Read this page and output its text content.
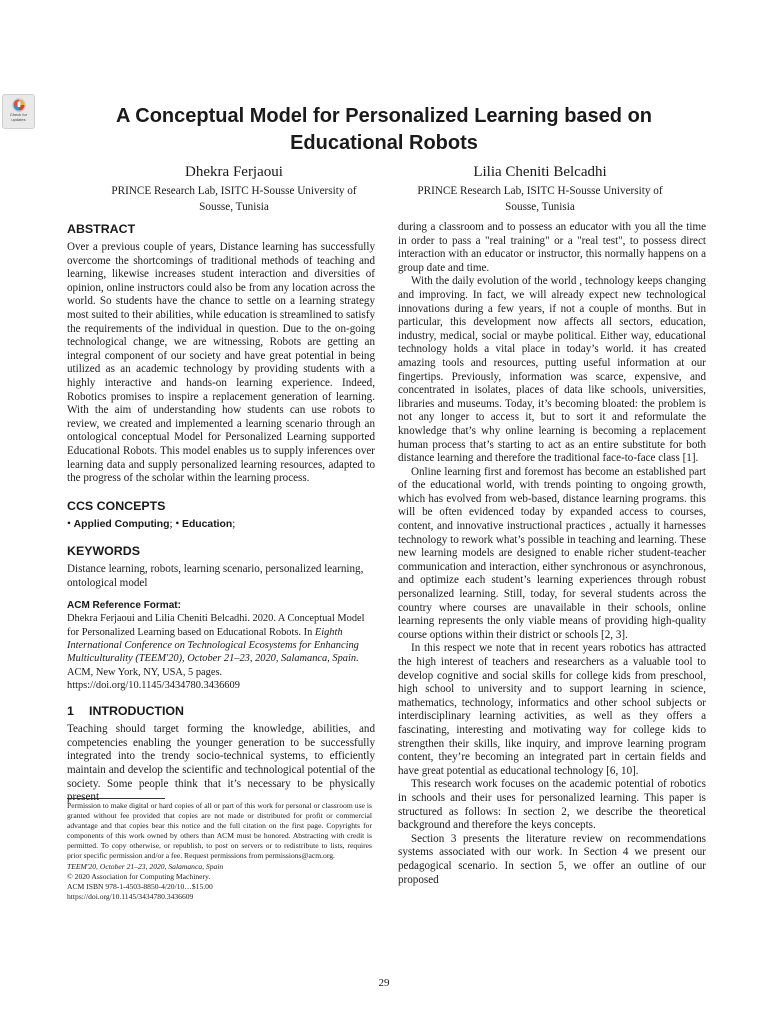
Check for
updates	A Conceptual Model for Personalized Learning based on
Educational Robots
Dhekra Ferjaoui
PRINCE Research Lab, ISITC H-Sousse University of
Sousse, Tunisia
Lilia Cheniti Belcadhi
PRINCE Research Lab, ISITC H-Sousse University of
Sousse, Tunisia
ABSTRACT

Over a previous couple of years, Distance learning has successfully overcome the shortcomings of traditional methods of teaching and learning, likewise increases student interaction and diversities of opinion, online instructors could also be from any location across the world. So students have the chance to settle on a learning strategy most suited to their abilities, while education is streamlined to satisfy the requirements of the individual in question. Due to the on-going technological change, we are witnessing, Robots are getting an integral component of our society and have great potential in being utilized as an academic technology by providing students with a highly interactive and hands-on learning experience. Indeed, Robotics promises to inspire a replacement generation of learning. With the aim of understanding how students can use robots to review, we created and implemented a learning scenario through an ontological conceptual Model for Personalized Learning supported Educational Robots. This model enables us to supply inferences over learning data and supply personalized learning resources, adapted to the progress of the scholar within the learning process.

CCS CONCEPTS

• Applied Computing; • Education;

KEYWORDS

Distance learning, robots, learning scenario, personalized learning, ontological model

ACM Reference Format:

Dhekra Ferjaoui and Lilia Cheniti Belcadhi. 2020. A Conceptual Model for Personalized Learning based on Educational Robots. In Eighth International Conference on Technological Ecosystems for Enhancing Multiculturality (TEEM'20), October 21–23, 2020, Salamanca, Spain. ACM, New York, NY, USA, 5 pages. https://doi.org/10.1145/3434780.3436609

1 INTRODUCTION

Teaching should target forming the knowledge, abilities, and competencies enabling the younger generation to be successfully integrated into the trendy socio-technical systems, to efficiently maintain and develop the scientific and technological potential of the society. Some people think that it’s necessary to be physically present

Permission to make digital or hard copies of all or part of this work for personal or classroom use is granted without fee provided that copies are not made or distributed for profit or commercial advantage and that copies bear this notice and the full citation on the first page. Copyrights for components of this work owned by others than ACM must be honored. Abstracting with credit is permitted. To copy otherwise, or republish, to post on servers or to redistribute to lists, requires prior specific permission and/or a fee. Request permissions from permissions@acm.org.

TEEM'20, October 21–23, 2020, Salamanca, Spain

© 2020 Association for Computing Machinery.

ACM ISBN 978-1-4503-8850-4/20/10…$15.00

https://doi.org/10.1145/3434780.3436609

during a classroom and to possess an educator with you all the time in order to pass a "real training" or a "real test", to possess direct interaction with an educator or instructor, this normally happens on a group date and time.

With the daily evolution of the world , technology keeps changing and improving. In fact, we will already expect new technological innovations during a few years, if not a couple of months. But in particular, this development now affects all sectors, education, industry, medical, social or maybe political. Either way, educational technology holds a vital place in today’s world. it has created amazing tools and resources, putting useful information at our fingertips. Previously, information was scarce, expensive, and concentrated in isolates, places of data like schools, universities, libraries and museums. Today, it’s becoming bloated: the problem is not any longer to access it, but to sort it and reformulate the knowledge that’s why online learning is becoming a replacement human process that’s starting to act as an entire substitute for both distance learning and therefore the traditional face-to-face class [1].

Online learning first and foremost has become an established part of the educational world, with trends pointing to ongoing growth, which has evolved from web-based, distance learning programs. this will be often evidenced today by expanded access to courses, content, and innovative instructional practices , actually it harnesses technology to rework what’s possible in teaching and learning. These new learning models are designed to enable richer student-teacher communication and interaction, either synchronous or asynchronous, and optimize each student’s learning experiences through robust personalized learning. Still, today, for several students across the country where courses are unavailable in their schools, online learning represents the only viable means of providing high-quality course options within their district or schools [2, 3].

In this respect we note that in recent years robotics has attracted the high interest of teachers and researchers as a valuable tool to develop cognitive and social skills for college kids from preschool, high school to university and to support learning in science, mathematics, technology, informatics and other school subjects or interdisciplinary learning activities, as well as they offers a fascinating, interesting and motivating way for college kids to strengthen their skills, like inquiry, and improve learning program content, they’re becoming an integrated part in certain fields and have great potential as educational technology [6, 10].

This research work focuses on the academic potential of robotics in schools and their uses for personalized learning. This paper is structured as follows: In section 2, we describe the theoretical background and therefore the keys concepts.

Section 3 presents the literature review on recommendations systems associated with our work. In Section 4 we present our pedagogical scenario. In section 5, we offer an outline of our proposed

29
